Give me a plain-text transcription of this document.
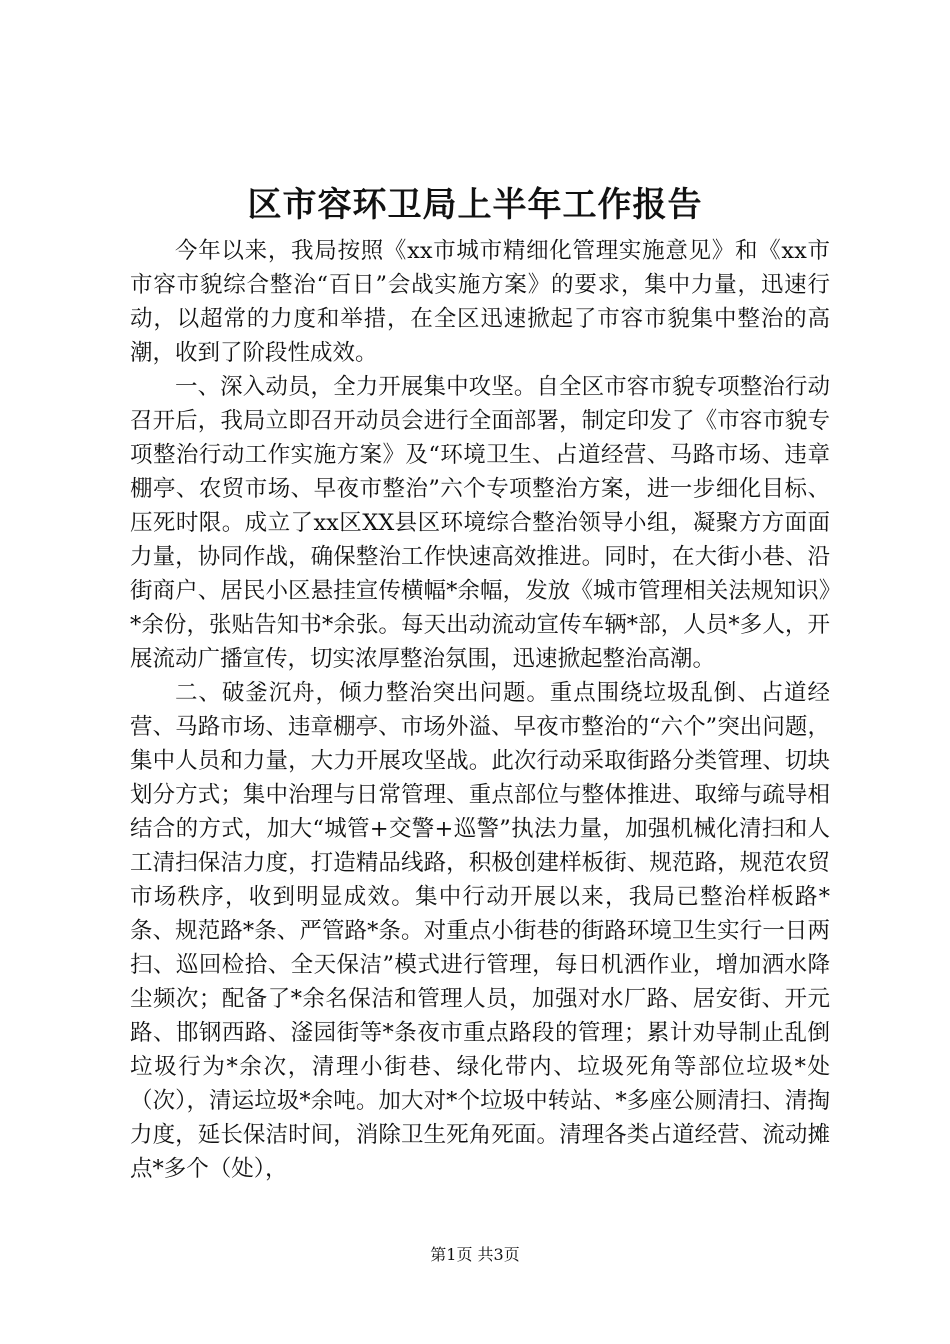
区市容环卫局上半年工作报告

今年以来，我局按照《xx市城市精细化管理实施意见》和《xx市市容市貌综合整治“百日”会战实施方案》的要求，集中力量，迅速行动，以超常的力度和举措，在全区迅速掀起了市容市貌集中整治的高潮，收到了阶段性成效。

一、深入动员，全力开展集中攻坚。自全区市容市貌专项整治行动召开后，我局立即召开动员会进行全面部署，制定印发了《市容市貌专项整治行动工作实施方案》及“环境卫生、占道经营、马路市场、违章棚亭、农贸市场、早夜市整治”六个专项整治方案，进一步细化目标、压死时限。成立了xx区XX县区环境综合整治领导小组，凝聚方方面面力量，协同作战，确保整治工作快速高效推进。同时，在大街小巷、沿街商户、居民小区悬挂宣传横幅*余幅，发放《城市管理相关法规知识》*余份，张贴告知书*余张。每天出动流动宣传车辆*部，人员*多人，开展流动广播宣传，切实浓厚整治氛围，迅速掀起整治高潮。

二、破釜沉舟，倾力整治突出问题。重点围绕垃圾乱倒、占道经营、马路市场、违章棚亭、市场外溢、早夜市整治的“六个”突出问题，集中人员和力量，大力开展攻坚战。此次行动采取街路分类管理、切块划分方式；集中治理与日常管理、重点部位与整体推进、取缔与疏导相结合的方式，加大“城管+交警+巡警”执法力量，加强机械化清扫和人工清扫保洁力度，打造精品线路，积极创建样板街、规范路，规范农贸市场秩序，收到明显成效。集中行动开展以来，我局已整治样板路*条、规范路*条、严管路*条。对重点小街巷的街路环境卫生实行一日两扫、巡回检拾、全天保洁”模式进行管理，每日机洒作业，增加洒水降尘频次；配备了*余名保洁和管理人员，加强对水厂路、居安街、开元路、邯钢西路、滏园街等*条夜市重点路段的管理；累计劝导制止乱倒垃圾行为*余次，清理小街巷、绿化带内、垃圾死角等部位垃圾*处（次），清运垃圾*余吨。加大对*个垃圾中转站、*多座公厕清扫、清掏力度，延长保洁时间，消除卫生死角死面。清理各类占道经营、流动摊点*多个（处），

第1页 共3页
